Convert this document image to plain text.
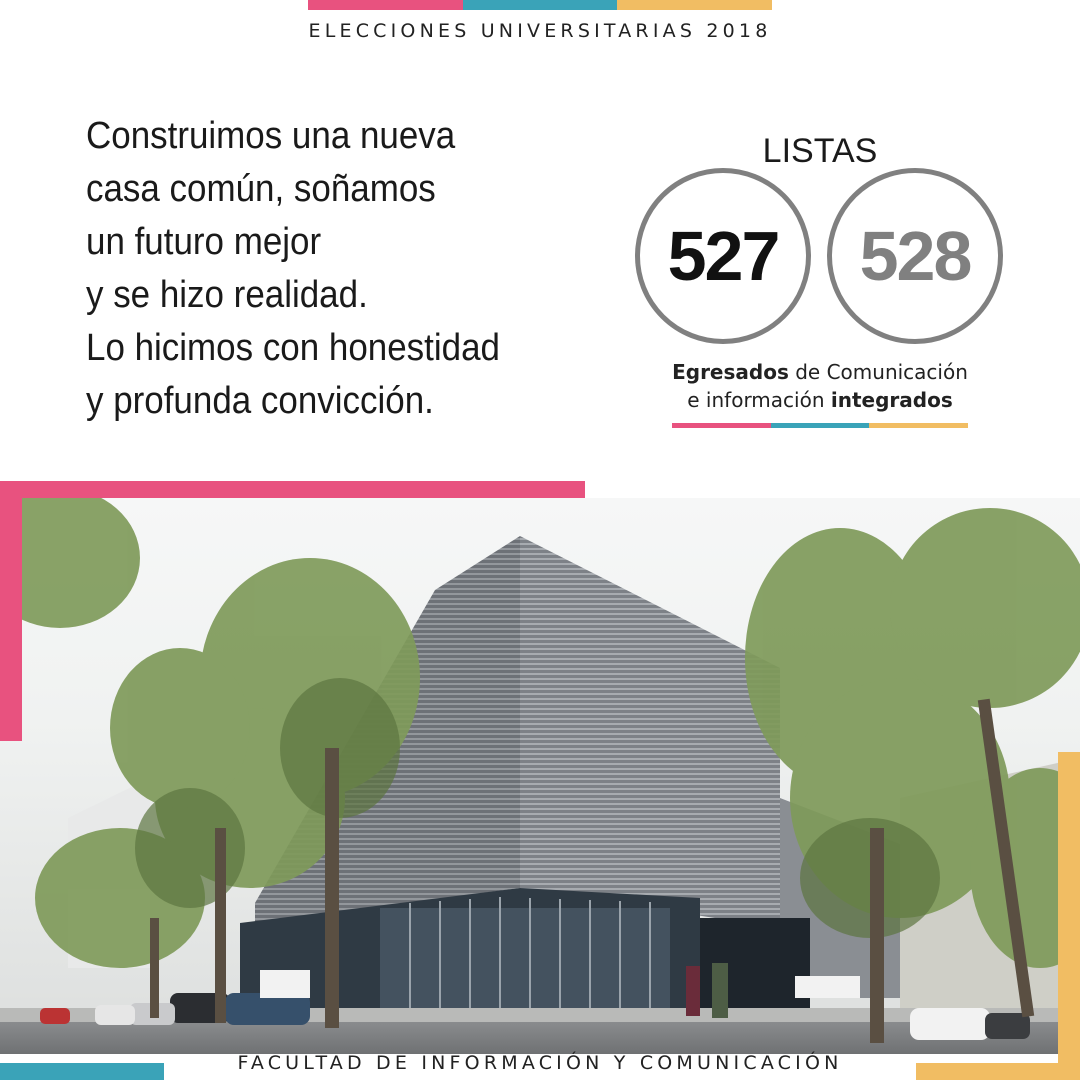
ELECCIONES UNIVERSITARIAS 2018
Construimos una nueva
casa común, soñamos
un futuro mejor
y se hizo realidad.
Lo hicimos con honestidad
y profunda convicción.
LISTAS
527	528
Egresados de Comunicación
e información integrados
FACULTAD DE INFORMACIÓN Y COMUNICACIÓN
